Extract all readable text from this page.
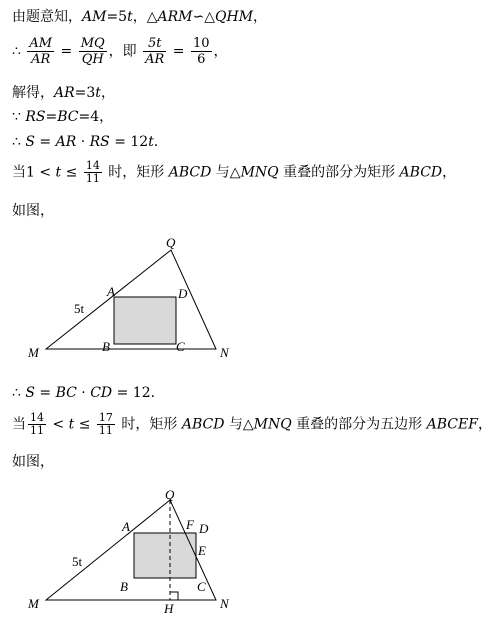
由题意知，AM=5t，△ARM∽△QHM，
∴ $\frac{AM}{AR} = \frac{MQ}{QH}$ ，即 $\frac{5t}{AR} = \frac{10}{6}$ ，
解得，AR=3t，
∵ RS=BC=4，
∴ S = AR · RS = 12t．
当$1 < t \le \frac{14}{11}$ 时，矩形 ABCD 与△MNQ 重叠的部分为矩形 ABCD，
如图，
Q
A	D
5t
M	B	C	N
∴ S = BC · CD = 12．
当 $\frac{14}{11} < t \le \frac{17}{11}$ 时，矩形 ABCD 与△MNQ 重叠的部分为五边形 ABCEF，
如图，
Q
A	F D
E
5t
B	C
M	H	N
